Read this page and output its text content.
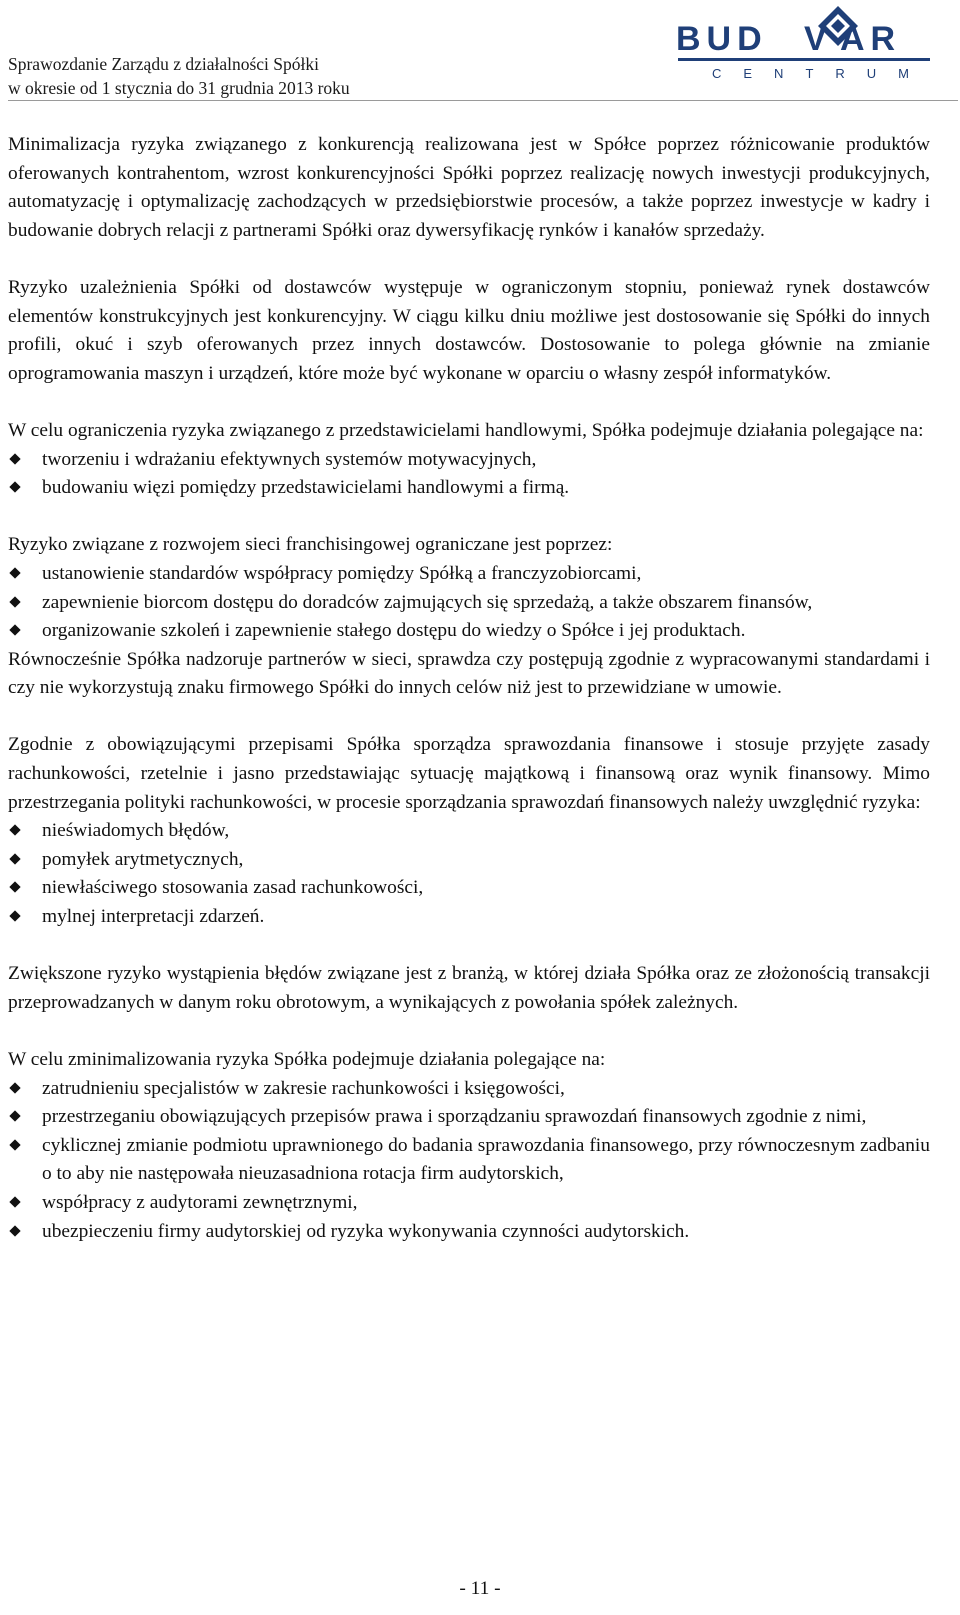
Sprawozdanie Zarządu z działalności Spółki
w okresie od 1 stycznia do 31 grudnia 2013 roku
BUD V AR
CENTRUM

Minimalizacja ryzyka związanego z konkurencją realizowana jest w Spółce poprzez różnicowanie produktów oferowanych kontrahentom, wzrost konkurencyjności Spółki poprzez realizację nowych inwestycji produkcyjnych, automatyzację i optymalizację zachodzących w przedsiębiorstwie procesów, a także poprzez inwestycje w kadry i budowanie dobrych relacji z partnerami Spółki oraz dywersyfikację rynków i kanałów sprzedaży.

Ryzyko uzależnienia Spółki od dostawców występuje w ograniczonym stopniu, ponieważ rynek dostawców elementów konstrukcyjnych jest konkurencyjny. W ciągu kilku dniu możliwe jest dostosowanie się Spółki do innych profili, okuć i szyb oferowanych przez innych dostawców. Dostosowanie to polega głównie na zmianie oprogramowania maszyn i urządzeń, które może być wykonane w oparciu o własny zespół informatyków.

W celu ograniczenia ryzyka związanego z przedstawicielami handlowymi, Spółka podejmuje działania polegające na:

tworzeniu i wdrażaniu efektywnych systemów motywacyjnych,
budowaniu więzi pomiędzy przedstawicielami handlowymi a firmą.

Ryzyko związane z rozwojem sieci franchisingowej ograniczane jest poprzez:

ustanowienie standardów współpracy pomiędzy Spółką a franczyzobiorcami,
zapewnienie biorcom dostępu do doradców zajmujących się sprzedażą, a także obszarem finansów,
organizowanie szkoleń i zapewnienie stałego dostępu do wiedzy o Spółce i jej produktach.

Równocześnie Spółka nadzoruje partnerów w sieci, sprawdza czy postępują zgodnie z wypracowanymi standardami i czy nie wykorzystują znaku firmowego Spółki do innych celów niż jest to przewidziane w umowie.

Zgodnie z obowiązującymi przepisami Spółka sporządza sprawozdania finansowe i stosuje przyjęte zasady rachunkowości, rzetelnie i jasno przedstawiając sytuację majątkową i finansową oraz wynik finansowy. Mimo przestrzegania polityki rachunkowości, w procesie sporządzania sprawozdań finansowych należy uwzględnić ryzyka:

nieświadomych błędów,
pomyłek arytmetycznych,
niewłaściwego stosowania zasad rachunkowości,
mylnej interpretacji zdarzeń.

Zwiększone ryzyko wystąpienia błędów związane jest z branżą, w której działa Spółka oraz ze złożonością transakcji przeprowadzanych w danym roku obrotowym, a wynikających z powołania spółek zależnych.

W celu zminimalizowania ryzyka Spółka podejmuje działania polegające na:

zatrudnieniu specjalistów w zakresie rachunkowości i księgowości,
przestrzeganiu obowiązujących przepisów prawa i sporządzaniu sprawozdań finansowych zgodnie z nimi,
cyklicznej zmianie podmiotu uprawnionego do badania sprawozdania finansowego, przy równoczesnym zadbaniu o to aby nie następowała nieuzasadniona rotacja firm audytorskich,
współpracy z audytorami zewnętrznymi,
ubezpieczeniu firmy audytorskiej od ryzyka wykonywania czynności audytorskich.
- 11 -
